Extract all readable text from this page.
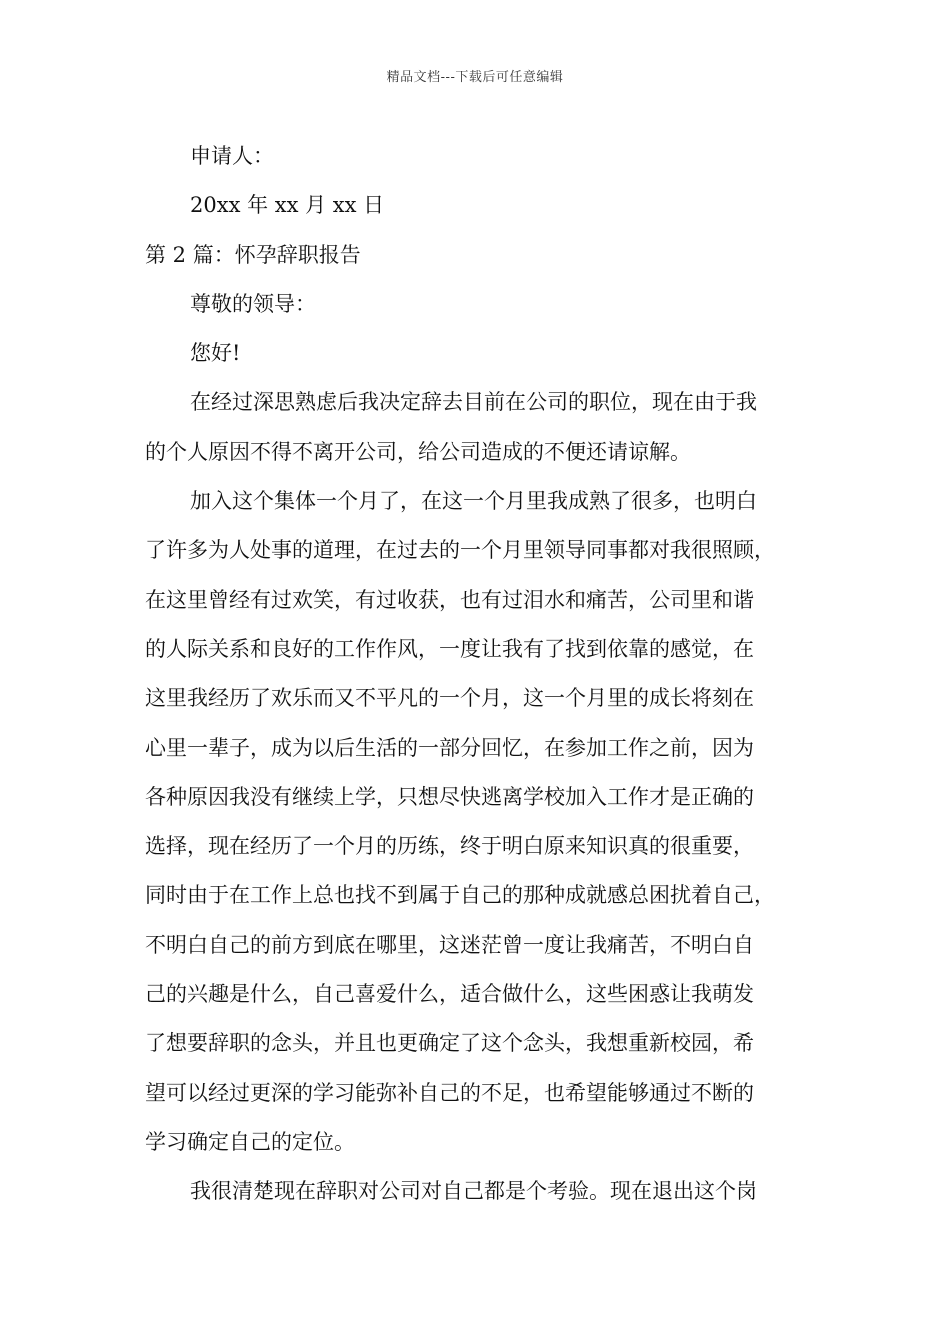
精品文档---下载后可任意编辑
申请人：
20xx 年 xx 月 xx 日
第 2 篇：怀孕辞职报告
尊敬的领导：
您好!
在经过深思熟虑后我决定辞去目前在公司的职位，现在由于我
的个人原因不得不离开公司，给公司造成的不便还请谅解。
加入这个集体一个月了，在这一个月里我成熟了很多，也明白
了许多为人处事的道理，在过去的一个月里领导同事都对我很照顾，
在这里曾经有过欢笑，有过收获，也有过泪水和痛苦，公司里和谐
的人际关系和良好的工作作风，一度让我有了找到依靠的感觉，在
这里我经历了欢乐而又不平凡的一个月，这一个月里的成长将刻在
心里一辈子，成为以后生活的一部分回忆，在参加工作之前，因为
各种原因我没有继续上学，只想尽快逃离学校加入工作才是正确的
选择，现在经历了一个月的历练，终于明白原来知识真的很重要，
同时由于在工作上总也找不到属于自己的那种成就感总困扰着自己，
不明白自己的前方到底在哪里，这迷茫曾一度让我痛苦，不明白自
己的兴趣是什么，自己喜爱什么，适合做什么，这些困惑让我萌发
了想要辞职的念头，并且也更确定了这个念头，我想重新校园，希
望可以经过更深的学习能弥补自己的不足，也希望能够通过不断的
学习确定自己的定位。
我很清楚现在辞职对公司对自己都是个考验。现在退出这个岗
